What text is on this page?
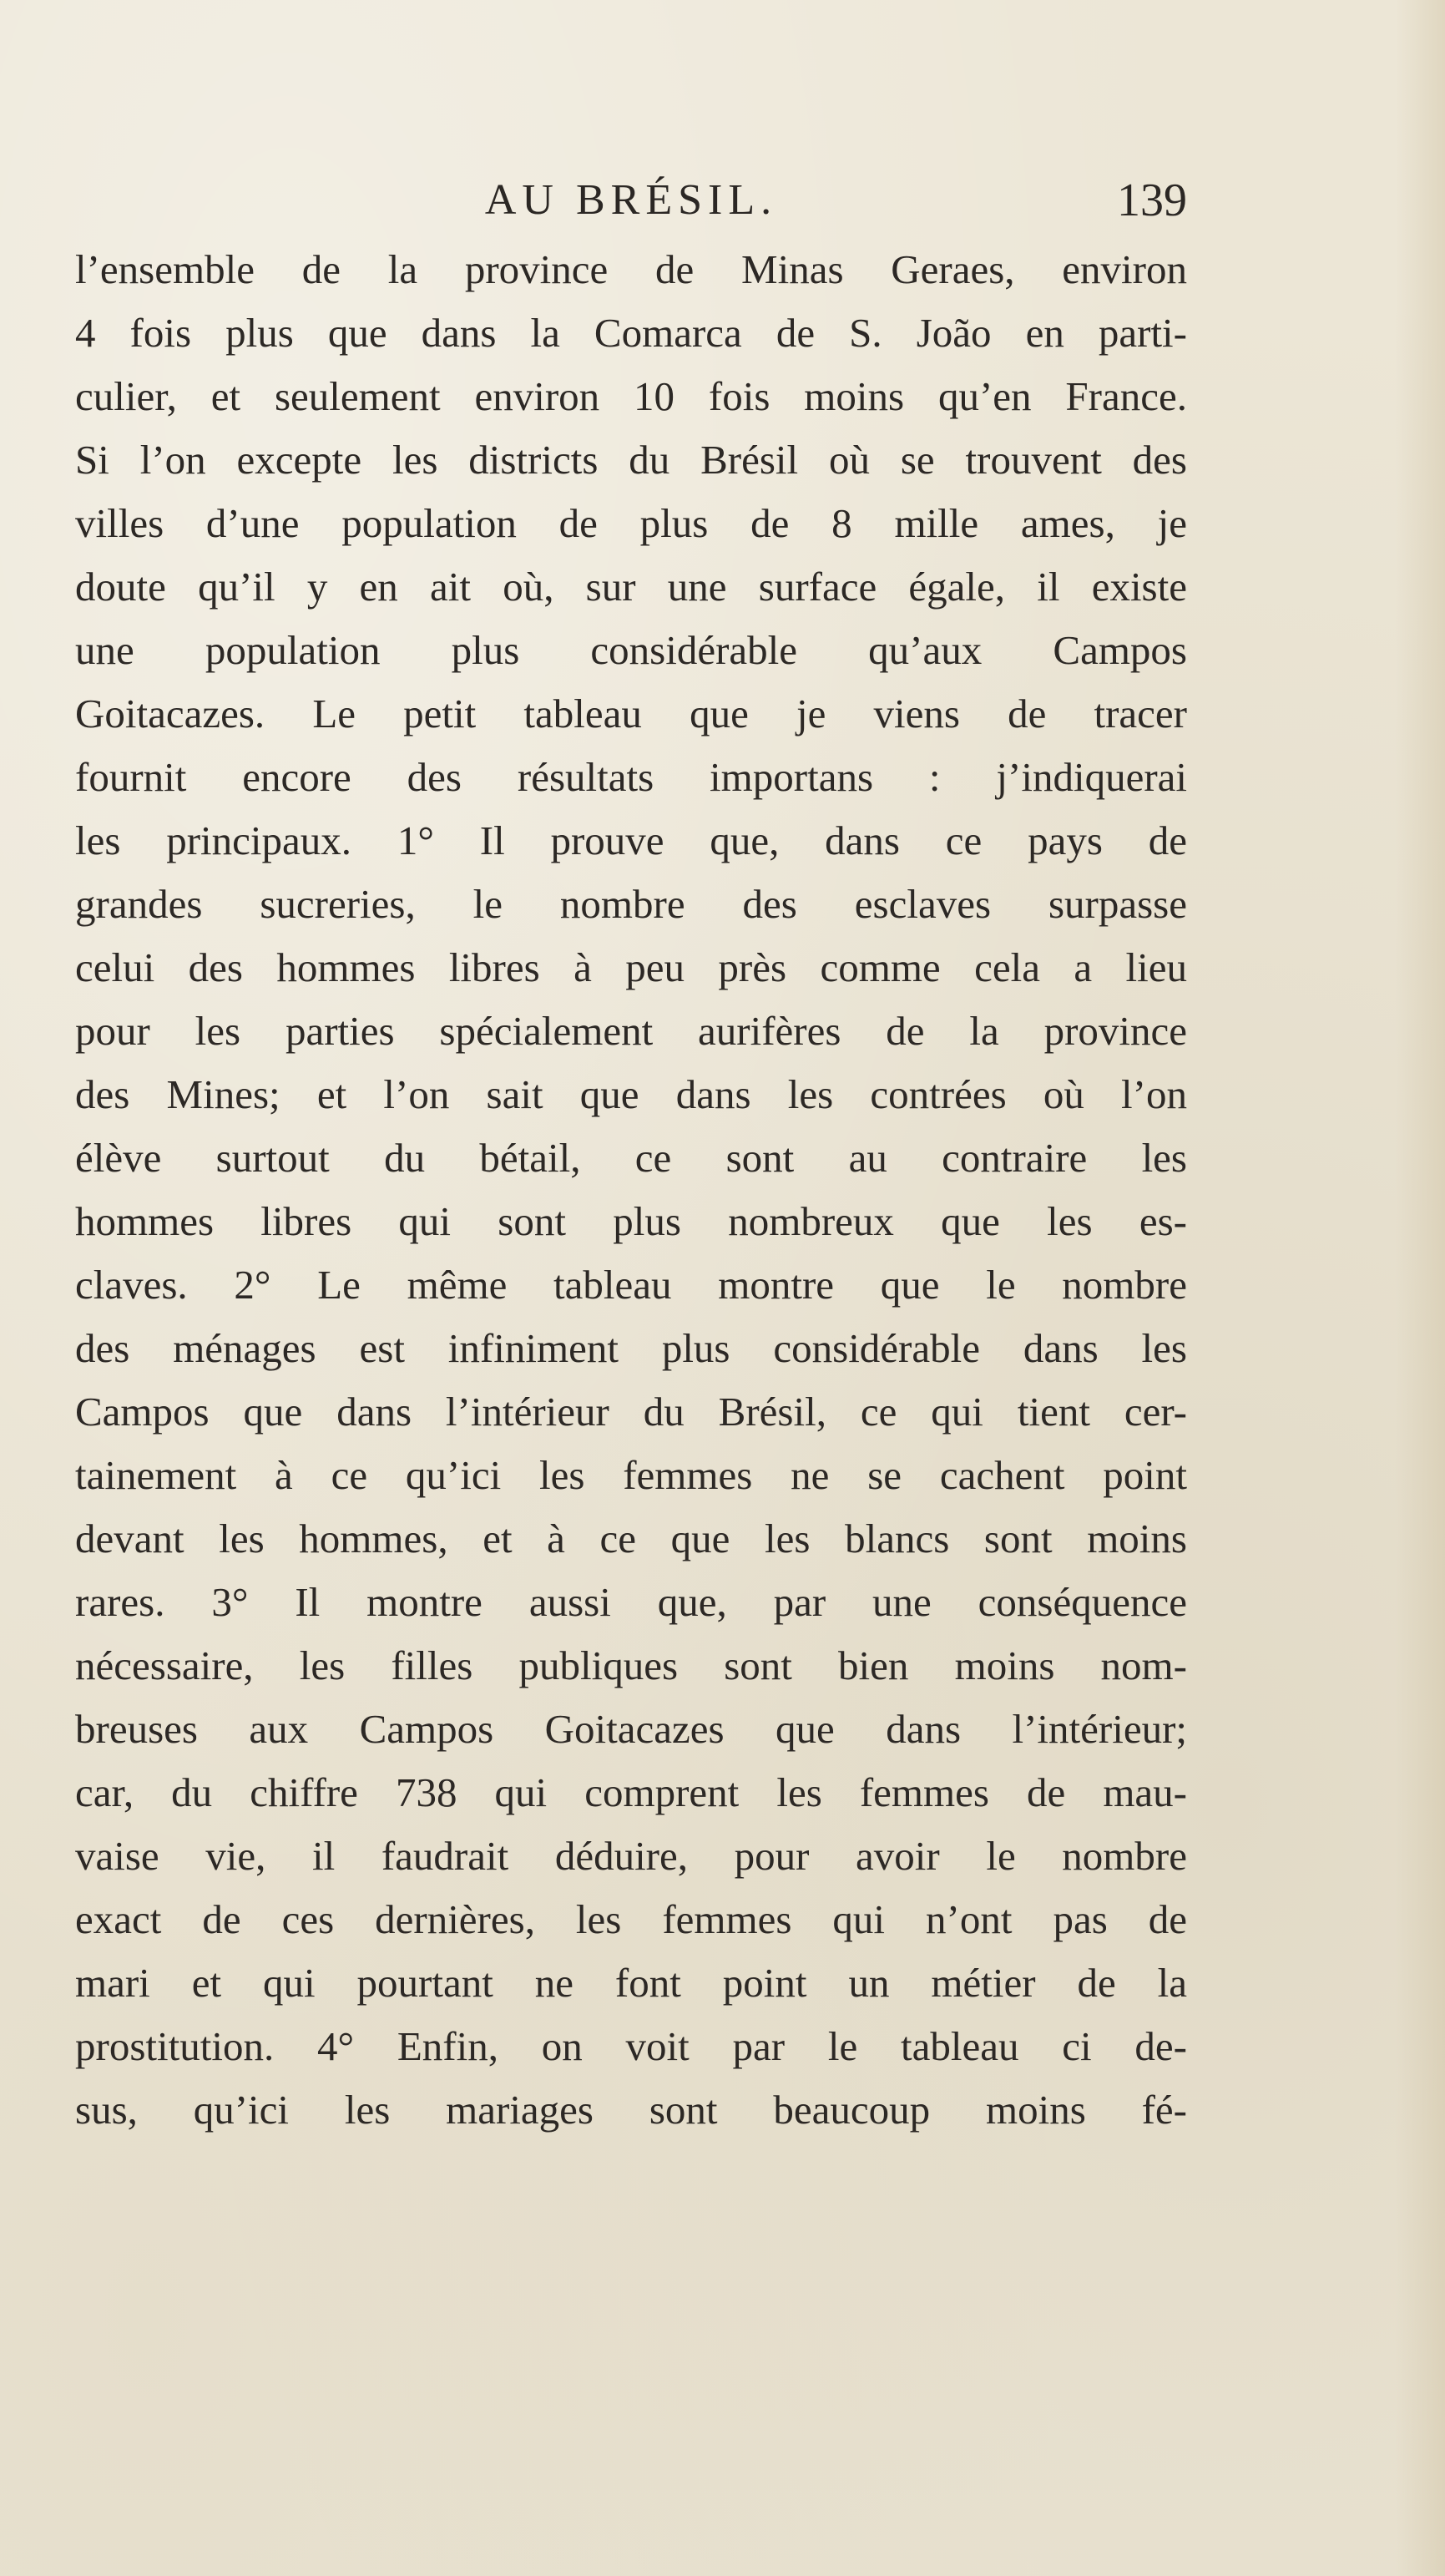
AU BRÉSIL.	139
l’ensemble de la province de Minas Geraes, environ
4 fois plus que dans la Comarca de S. João en parti-
culier, et seulement environ 10 fois moins qu’en France.
Si l’on excepte les districts du Brésil où se trouvent des
villes d’une population de plus de 8 mille ames, je
doute qu’il y en ait où, sur une surface égale, il existe
une population plus considérable qu’aux Campos
Goitacazes. Le petit tableau que je viens de tracer
fournit encore des résultats importans : j’indiquerai
les principaux. 1° Il prouve que, dans ce pays de
grandes sucreries, le nombre des esclaves surpasse
celui des hommes libres à peu près comme cela a lieu
pour les parties spécialement aurifères de la province
des Mines; et l’on sait que dans les contrées où l’on
élève surtout du bétail, ce sont au contraire les
hommes libres qui sont plus nombreux que les es-
claves. 2° Le même tableau montre que le nombre
des ménages est infiniment plus considérable dans les
Campos que dans l’intérieur du Brésil, ce qui tient cer-
tainement à ce qu’ici les femmes ne se cachent point
devant les hommes, et à ce que les blancs sont moins
rares. 3° Il montre aussi que, par une conséquence
nécessaire, les filles publiques sont bien moins nom-
breuses aux Campos Goitacazes que dans l’intérieur;
car, du chiffre 738 qui comprent les femmes de mau-
vaise vie, il faudrait déduire, pour avoir le nombre
exact de ces dernières, les femmes qui n’ont pas de
mari et qui pourtant ne font point un métier de la
prostitution. 4° Enfin, on voit par le tableau ci de-
sus, qu’ici les mariages sont beaucoup moins fé-
